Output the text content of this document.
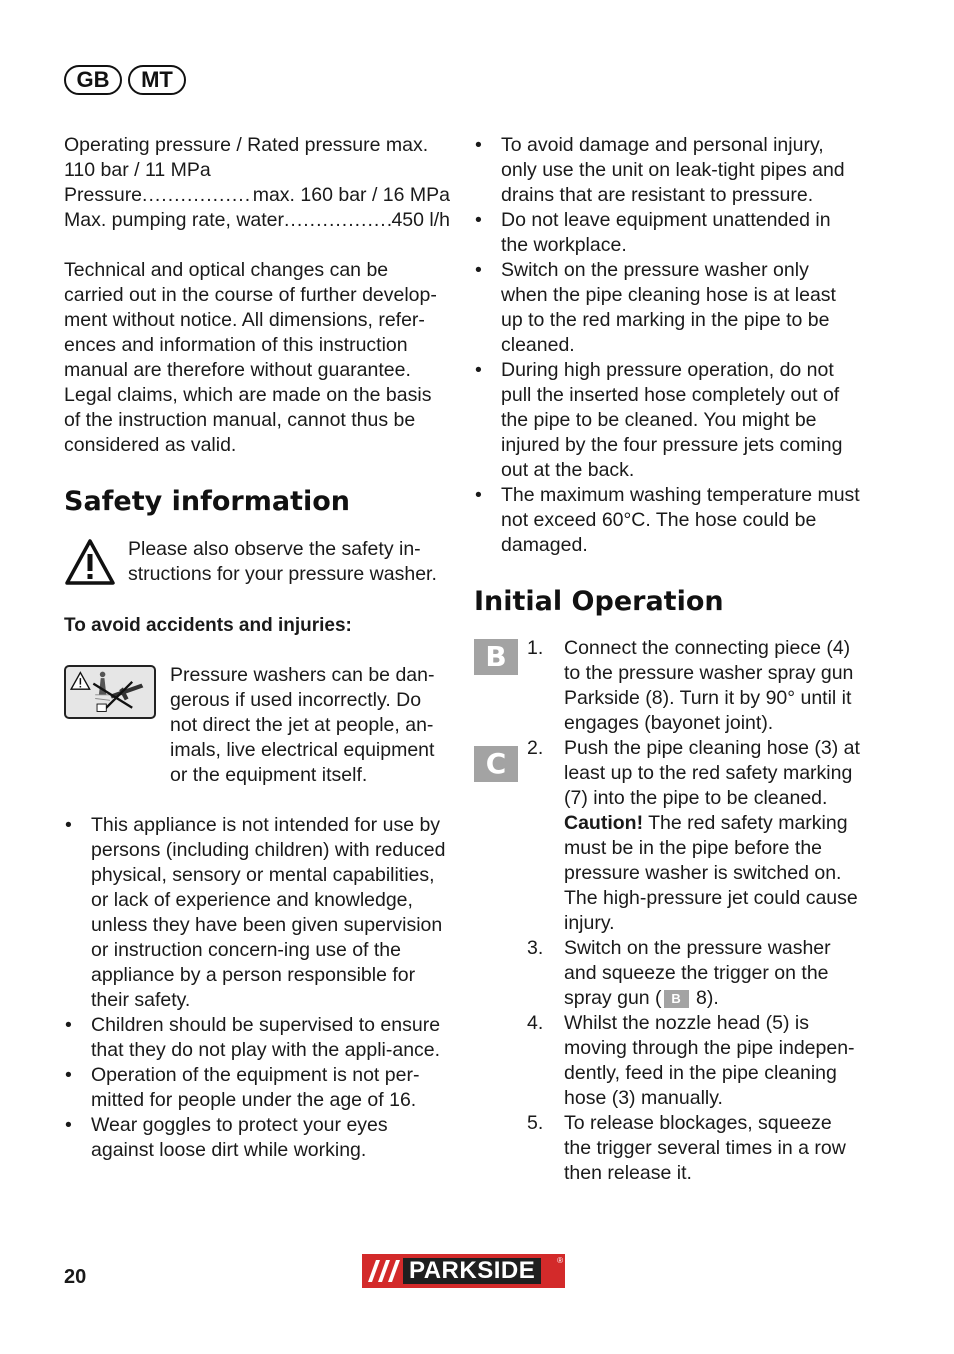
GB	MT

Operating pressure / Rated pressure max. 110 bar / 11 MPa

Pressure .....	max. 160 bar / 16 MPa
Max. pumping rate, water .....	450 l/h

Technical and optical changes can be carried out in the course of further develop-ment without notice. All dimensions, refer-ences and information of this instruction manual are therefore without guarantee. Legal claims, which are made on the basis of the instruction manual, cannot thus be considered as valid.

Safety information

Please also observe the safety in-structions for your pressure washer.

To avoid accidents and injuries:

Pressure washers can be dan-gerous if used incorrectly. Do not direct the jet at people, an-imals, live electrical equipment or the equipment itself.

• This appliance is not intended for use by persons (including children) with reduced physical, sensory or mental capabilities, or lack of experience and knowledge, unless they have been given supervision or instruction concern-ing use of the appliance by a person responsible for their safety.
• Children should be supervised to ensure that they do not play with the appli-ance.
• Operation of the equipment is not per-mitted for people under the age of 16.
• Wear goggles to protect your eyes against loose dirt while working.
• To avoid damage and personal injury, only use the unit on leak-tight pipes and drains that are resistant to pressure.
• Do not leave equipment unattended in the workplace.
• Switch on the pressure washer only when the pipe cleaning hose is at least up to the red marking in the pipe to be cleaned.
• During high pressure operation, do not pull the inserted hose completely out of the pipe to be cleaned. You might be injured by the four pressure jets coming out at the back.
• The maximum washing temperature must not exceed 60°C. The hose could be damaged.
Initial Operation
B
C
1. Connect the connecting piece (4) to the pressure washer spray gun Parkside (8). Turn it by 90° until it engages (bayonet joint).
2. Push the pipe cleaning hose (3) at least up to the red safety marking (7) into the pipe to be cleaned. Caution! The red safety marking must be in the pipe before the pressure washer is switched on. The high-pressure jet could cause injury.
3. Switch on the pressure washer and squeeze the trigger on the spray gun ( B 8).
4. Whilst the nozzle head (5) is moving through the pipe indepen-dently, feed in the pipe cleaning hose (3) manually.
5. To release blockages, squeeze the trigger several times in a row then release it.
20	PARKSIDE	®
